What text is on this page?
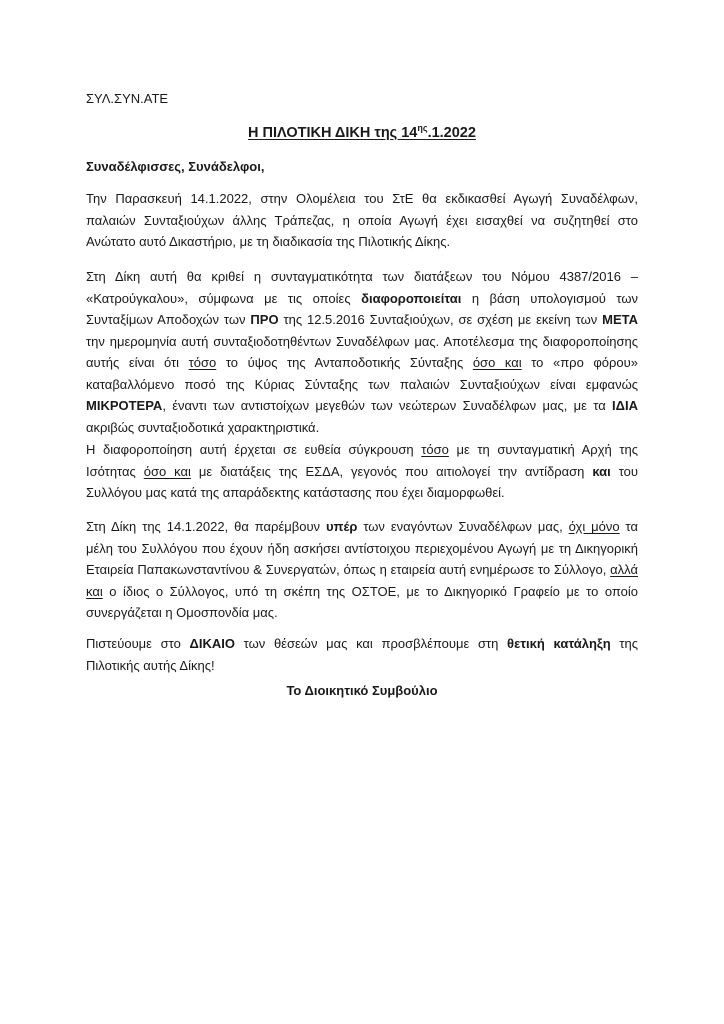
ΣΥΛ.ΣΥΝ.ΑΤΕ
Η ΠΙΛΟΤΙΚΗ ΔΙΚΗ της $14^{\eta\varsigma}.1.2022$
Συναδέλφισσες, Συνάδελφοι,
Την Παρασκευή 14.1.2022, στην Ολομέλεια του ΣτΕ θα εκδικασθεί Αγωγή Συναδέλφων, παλαιών Συνταξιούχων άλλης Τράπεζας, η οποία Αγωγή έχει εισαχθεί να συζητηθεί στο Ανώτατο αυτό Δικαστήριο, με τη διαδικασία της Πιλοτικής Δίκης.
Στη Δίκη αυτή θα κριθεί η συνταγματικότητα των διατάξεων του Νόμου 4387/2016 – «Κατρούγκαλου», σύμφωνα με τις οποίες διαφοροποιείται η βάση υπολογισμού των Συνταξίμων Αποδοχών των ΠΡΟ της 12.5.2016 Συνταξιούχων, σε σχέση με εκείνη των ΜΕΤΑ την ημερομηνία αυτή συνταξιοδοτηθέντων Συναδέλφων μας. Αποτέλεσμα της διαφοροποίησης αυτής είναι ότι τόσο το ύψος της Ανταποδοτικής Σύνταξης όσο και το «προ φόρου» καταβαλλόμενο ποσό της Κύριας Σύνταξης των παλαιών Συνταξιούχων είναι εμφανώς ΜΙΚΡΟΤΕΡΑ, έναντι των αντιστοίχων μεγεθών των νεώτερων Συναδέλφων μας, με τα ΙΔΙΑ ακριβώς συνταξιοδοτικά χαρακτηριστικά.
Η διαφοροποίηση αυτή έρχεται σε ευθεία σύγκρουση τόσο με τη συνταγματική Αρχή της Ισότητας όσο και με διατάξεις της ΕΣΔΑ, γεγονός που αιτιολογεί την αντίδραση και του Συλλόγου μας κατά της απαράδεκτης κατάστασης που έχει διαμορφωθεί.
Στη Δίκη της 14.1.2022, θα παρέμβουν υπέρ των εναγόντων Συναδέλφων μας, όχι μόνο τα μέλη του Συλλόγου που έχουν ήδη ασκήσει αντίστοιχου περιεχομένου Αγωγή με τη Δικηγορική Εταιρεία Παπακωνσταντίνου & Συνεργατών, όπως η εταιρεία αυτή ενημέρωσε το Σύλλογο, αλλά και ο ίδιος ο Σύλλογος, υπό τη σκέπη της ΟΣΤΟΕ, με το Δικηγορικό Γραφείο με το οποίο συνεργάζεται η Ομοσπονδία μας.
Πιστεύουμε στο ΔΙΚΑΙΟ των θέσεών μας και προσβλέπουμε στη θετική κατάληξη της Πιλοτικής αυτής Δίκης!
Το Διοικητικό Συμβούλιο
